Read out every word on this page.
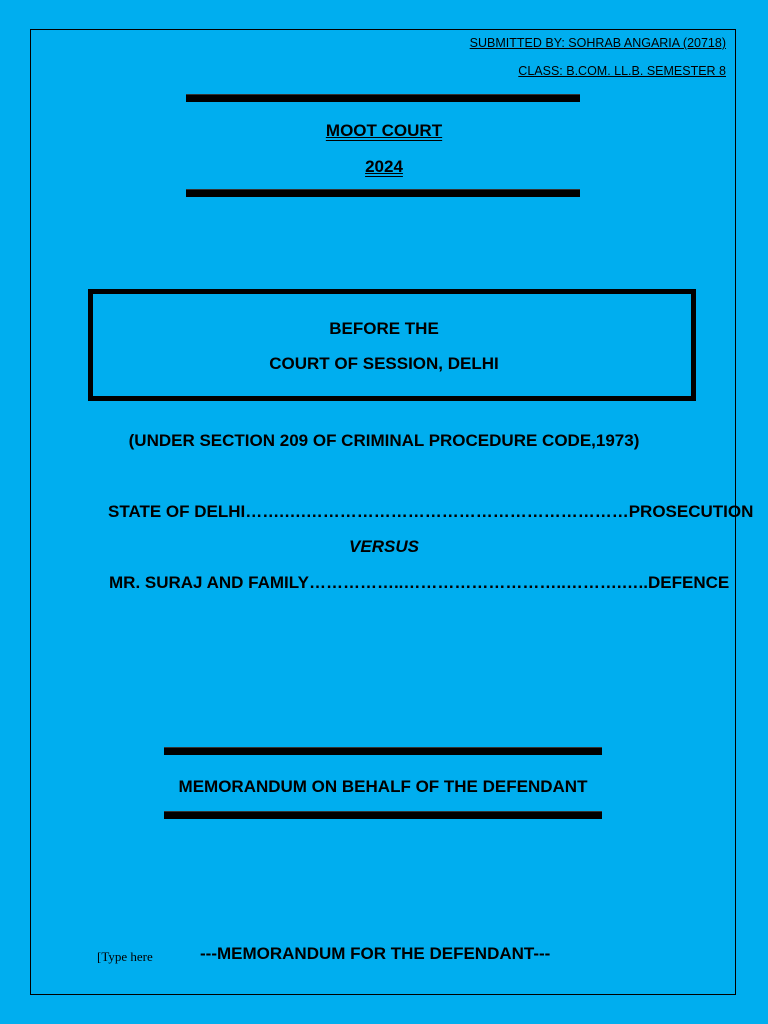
SUBMITTED BY: SOHRAB ANGARIA (20718)
CLASS: B.COM. LL.B. SEMESTER 8
MOOT COURT
2024
BEFORE THE
COURT OF SESSION, DELHI
(UNDER SECTION 209 OF CRIMINAL PROCEDURE CODE,1973)
STATE OF DELHI …….….………………………………………………… PROSECUTION
VERSUS
MR. SURAJ AND FAMILY ……………..………………………..……….….. DEFENCE
MEMORANDUM ON BEHALF OF THE DEFENDANT
[Type here	---MEMORANDUM FOR THE DEFENDANT---
